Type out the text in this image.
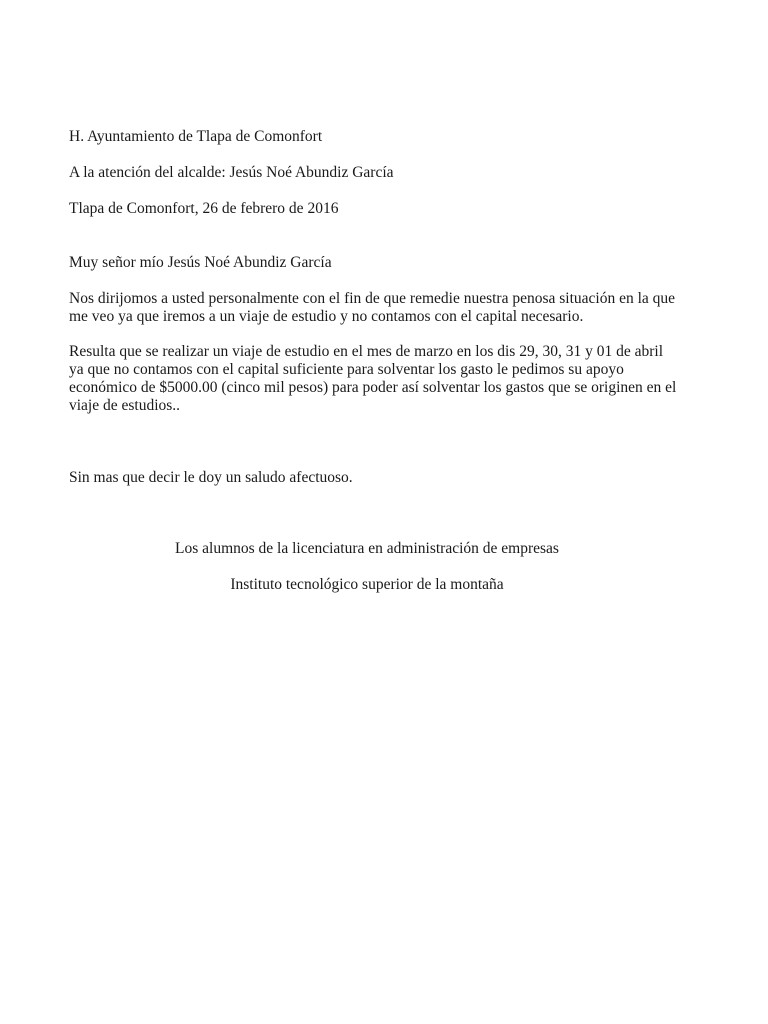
H. Ayuntamiento de Tlapa de Comonfort

A la atención del alcalde: Jesús Noé Abundiz García

Tlapa de Comonfort, 26 de febrero de 2016

Muy señor mío Jesús Noé Abundiz García

Nos dirijomos a usted personalmente con el fin de que remedie nuestra penosa situación en la que
me veo ya que iremos a un viaje de estudio y no contamos con el capital necesario.
Resulta que se realizar un viaje de estudio en el mes de marzo en los dis 29, 30, 31 y 01 de abril
ya que no contamos con el capital suficiente para solventar los gasto le pedimos su apoyo
económico de $5000.00 (cinco mil pesos) para poder así solventar los gastos que se originen en el
viaje de estudios..

Sin mas que decir le doy un saludo afectuoso.

Los alumnos de la licenciatura en administración de empresas

Instituto tecnológico superior de la montaña
